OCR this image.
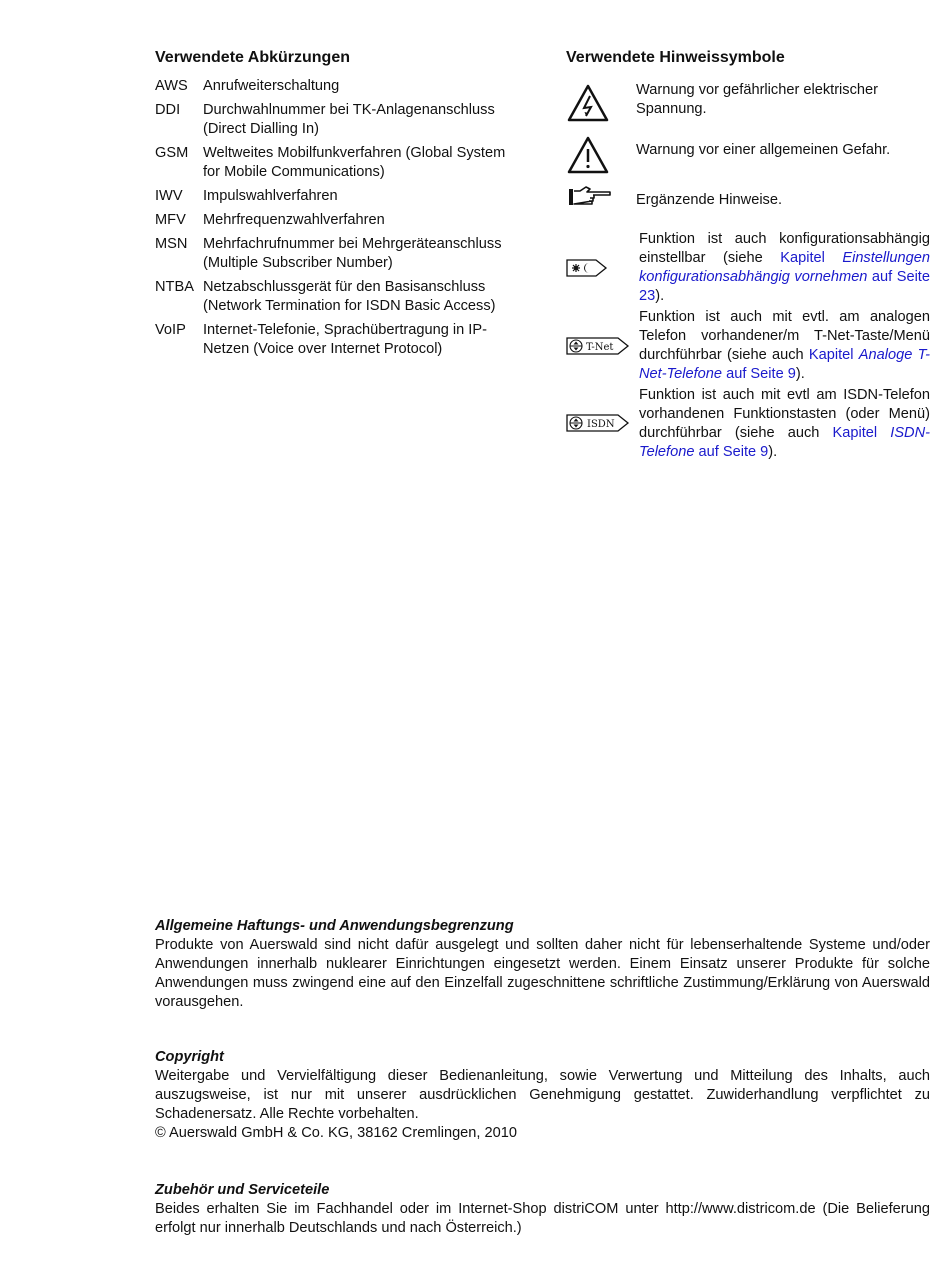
Verwendete Abkürzungen
AWS	Anrufweiterschaltung
DDI	Durchwahlnummer bei TK-Anlagenanschluss (Direct Dialling In)
GSM	Weltweites Mobilfunkverfahren (Global System for Mobile Communications)
IWV	Impulswahlverfahren
MFV	Mehrfrequenzwahlverfahren
MSN	Mehrfachrufnummer bei Mehrgeräteanschluss (Multiple Subscriber Number)
NTBA Netzabschlussgerät für den Basisanschluss (Network Termination for ISDN Basic Access)
VoIP	Internet-Telefonie, Sprachübertragung in IP-Netzen (Voice over Internet Protocol)
Verwendete Hinweissymbole
Warnung vor gefährlicher elektrischer Spannung.
Warnung vor einer allgemeinen Gefahr.
Ergänzende Hinweise.
Funktion ist auch konfigurationsabhängig einstellbar (siehe Kapitel Einstellungen konfigurationsabhängig vornehmen auf Seite 23).
T-Net
Funktion ist auch mit evtl. am analogen Telefon vorhandener/m T-Net-Taste/Menü durchführbar (siehe auch Kapitel Analoge T-Net-Telefone auf Seite 9).
ISDN
Funktion ist auch mit evtl am ISDN-Telefon vorhandenen Funktionstasten (oder Menü) durchführbar (siehe auch Kapitel ISDN-Telefone auf Seite 9).
Allgemeine Haftungs- und Anwendungsbegrenzung

Produkte von Auerswald sind nicht dafür ausgelegt und sollten daher nicht für lebenserhaltende Systeme und/oder Anwendungen innerhalb nuklearer Einrichtungen eingesetzt werden. Einem Einsatz unserer Produkte für solche Anwendungen muss zwingend eine auf den Einzelfall zugeschnittene schriftliche Zustimmung/Erklärung von Auerswald vorausgehen.

Copyright

Weitergabe und Vervielfältigung dieser Bedienanleitung, sowie Verwertung und Mitteilung des Inhalts, auch auszugsweise, ist nur mit unserer ausdrücklichen Genehmigung gestattet. Zuwiderhandlung verpflichtet zu Schadenersatz. Alle Rechte vorbehalten.

© Auerswald GmbH & Co. KG, 38162 Cremlingen, 2010

Zubehör und Serviceteile

Beides erhalten Sie im Fachhandel oder im Internet-Shop distriCOM unter http://www.districom.de (Die Belieferung erfolgt nur innerhalb Deutschlands und nach Österreich.)
